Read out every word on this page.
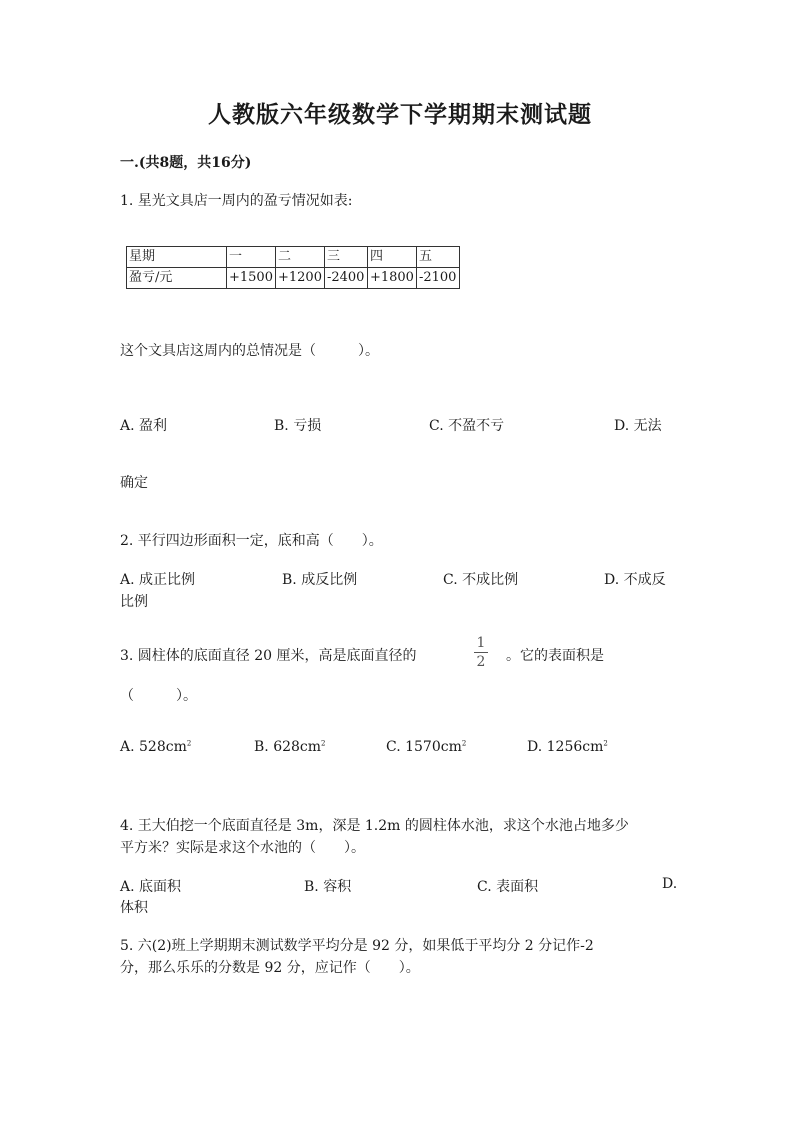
人教版六年级数学下学期期末测试题
一.(共8题，共16分)
1. 星光文具店一周内的盈亏情况如表:
星期	一	二	三	四	五
盈亏/元	+1500	+1200	-2400	+1800	-2100
这个文具店这周内的总情况是（　　　）。
A. 盈利	B. 亏损	C. 不盈不亏	D. 无法
确定
2. 平行四边形面积一定，底和高（　　）。
A. 成正比例	B. 成反比例	C. 不成比例	D. 不成反
比例
3. 圆柱体的底面直径 20 厘米，高是底面直径的
1
2 。它的表面积是
（　　　）。
A. $528cm^2$	B. $628cm^2$	C. $1570cm^2$	D. $1256cm^2$
4. 王大伯挖一个底面直径是 3m，深是 1.2m 的圆柱体水池，求这个水池占地多少
平方米？实际是求这个水池的（　　）。
A. 底面积	B. 容积	C. 表面积	D.
体积
5. 六(2)班上学期期末测试数学平均分是 92 分，如果低于平均分 2 分记作-2
分，那么乐乐的分数是 92 分，应记作（　　）。
